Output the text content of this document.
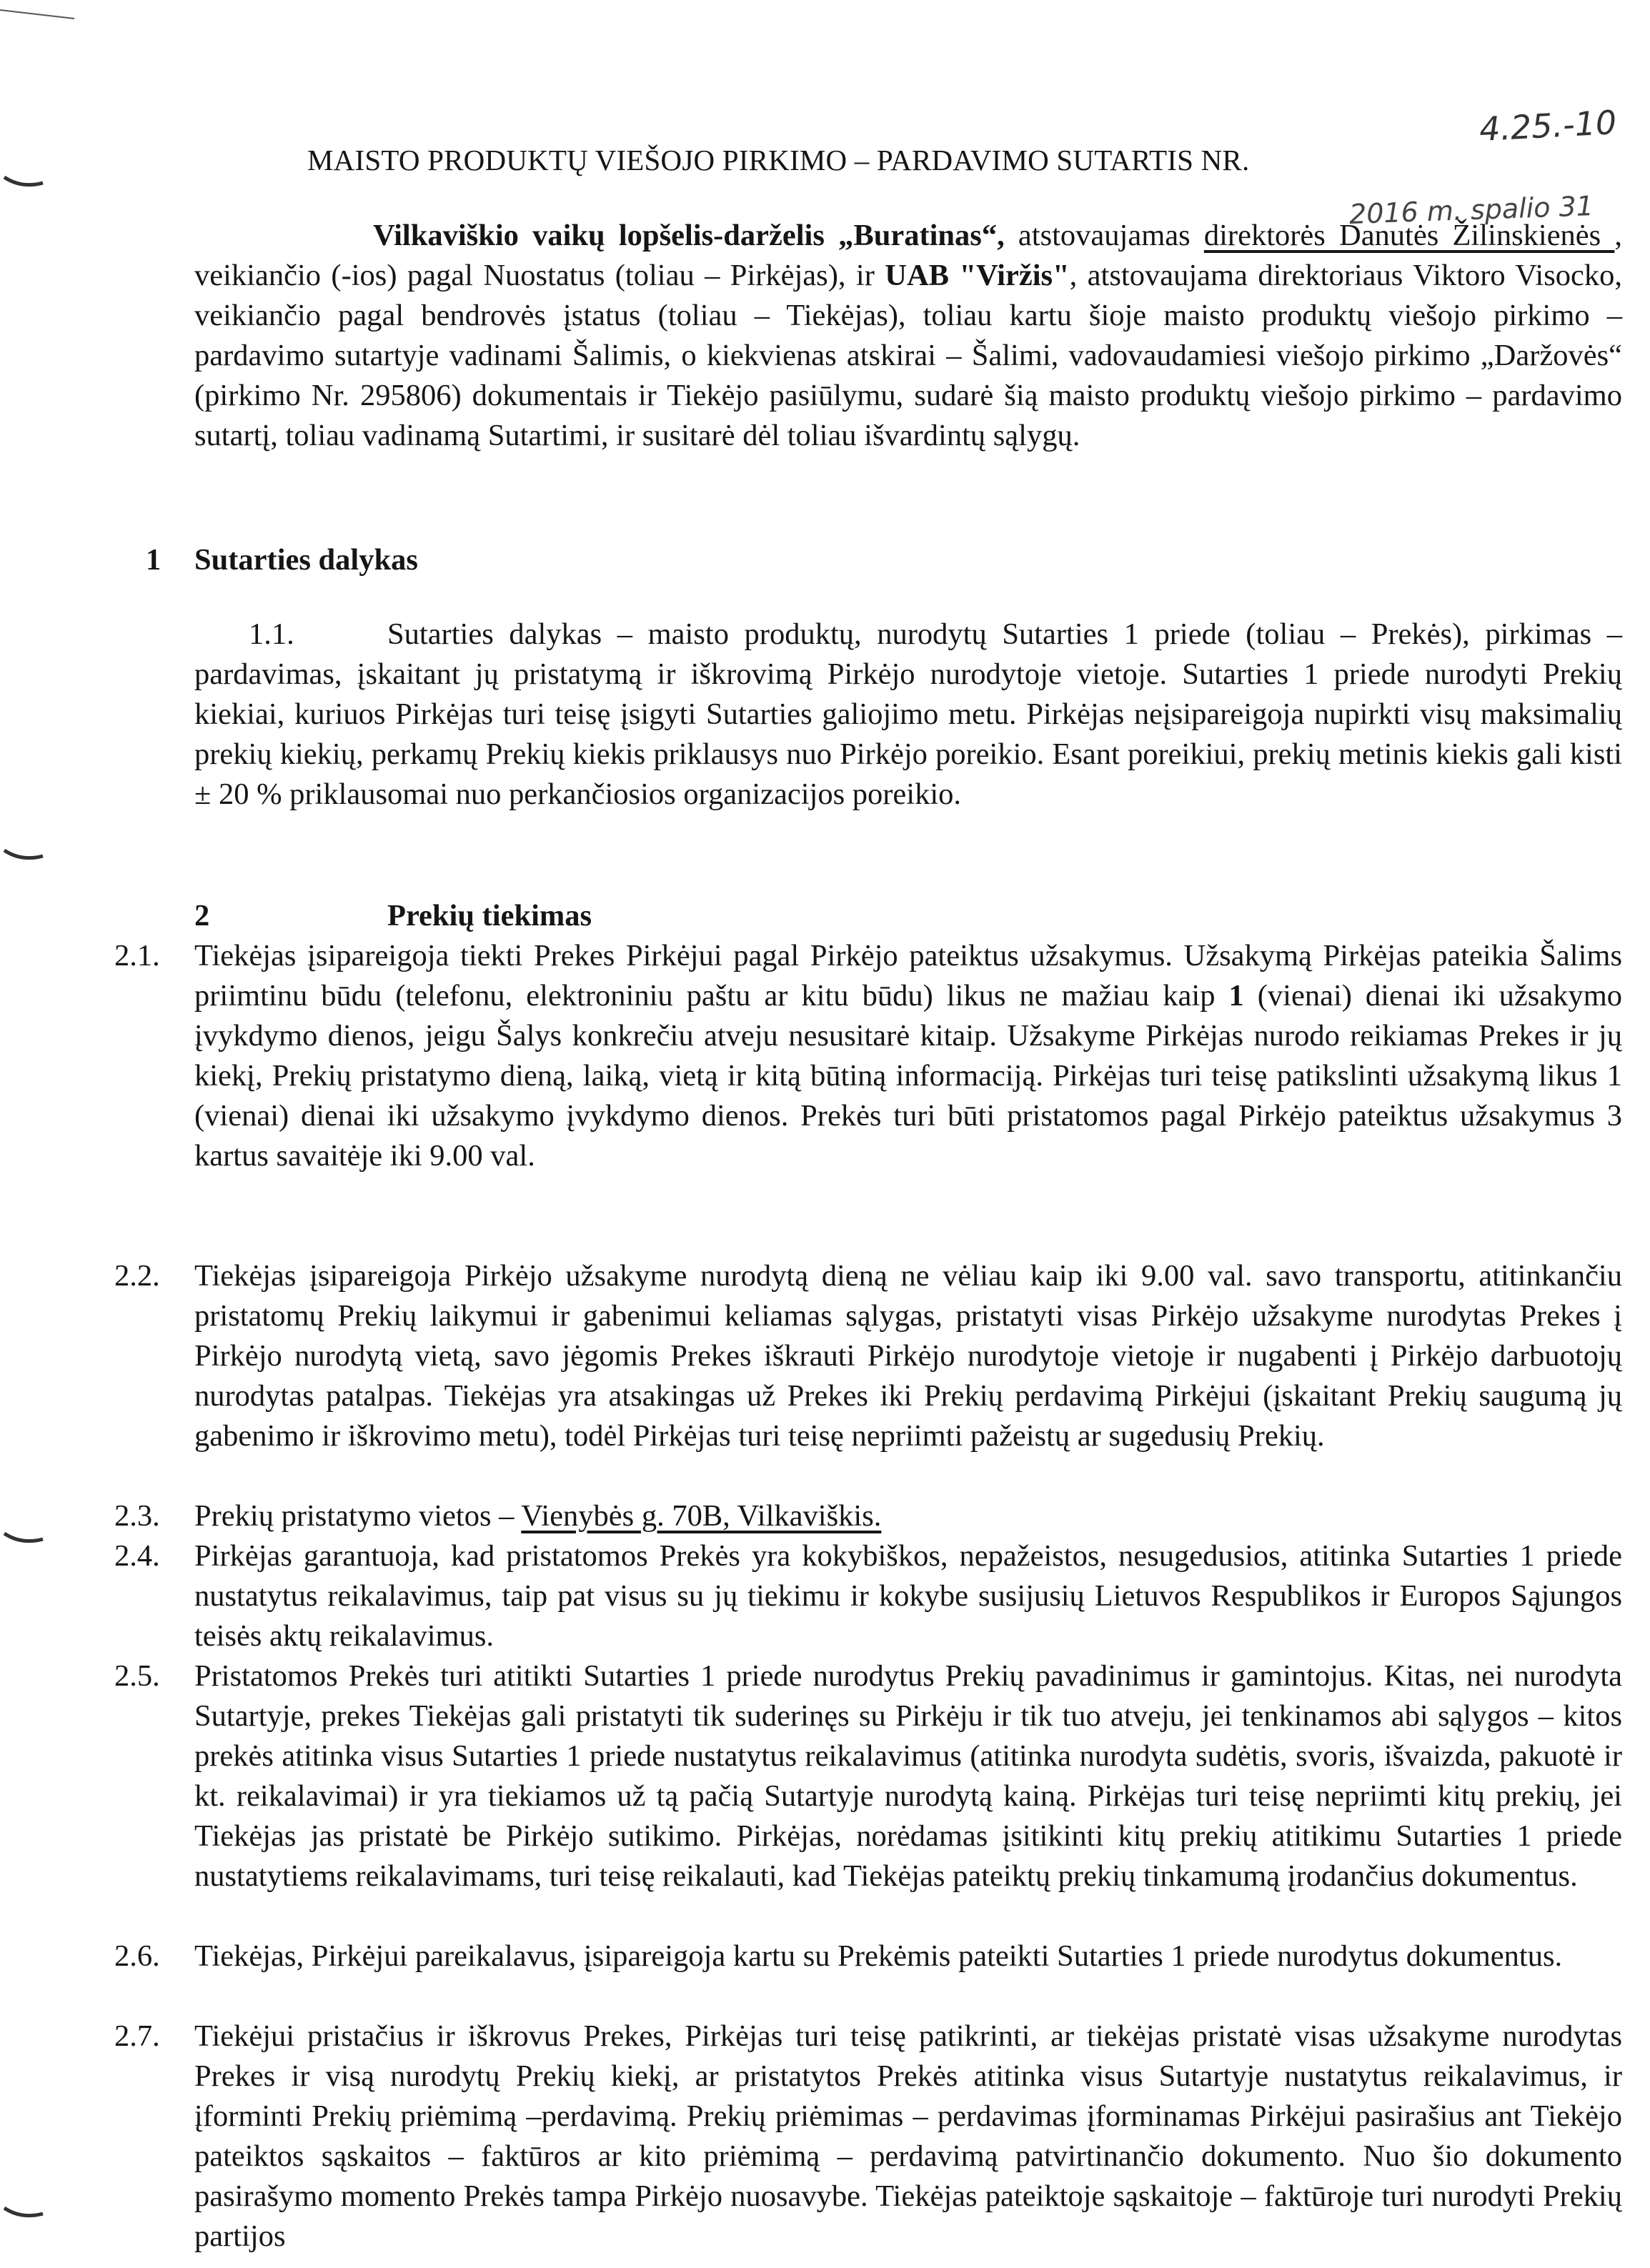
MAISTO PRODUKTŲ VIEŠOJO PIRKIMO – PARDAVIMO SUTARTIS NR.
4.25.-10
2016 m. spalio 31
Vilkaviškio vaikų lopšelis-darželis „Buratinas“, atstovaujamas direktorės Danutės Žilinskienės , veikiančio (-ios) pagal Nuostatus (toliau – Pirkėjas), ir UAB "Viržis", atstovaujama direktoriaus Viktoro Visocko, veikiančio pagal bendrovės įstatus (toliau – Tiekėjas), toliau kartu šioje maisto produktų viešojo pirkimo – pardavimo sutartyje vadinami Šalimis, o kiekvienas atskirai – Šalimi, vadovaudamiesi viešojo pirkimo „Daržovės“ (pirkimo Nr. 295806) dokumentais ir Tiekėjo pasiūlymu, sudarė šią maisto produktų viešojo pirkimo – pardavimo sutartį, toliau vadinamą Sutartimi, ir susitarė dėl toliau išvardintų sąlygų.
1 Sutarties dalykas
1.1.	Sutarties dalykas – maisto produktų, nurodytų Sutarties 1 priede (toliau – Prekės), pirkimas – pardavimas, įskaitant jų pristatymą ir iškrovimą Pirkėjo nurodytoje vietoje. Sutarties 1 priede nurodyti Prekių kiekiai, kuriuos Pirkėjas turi teisę įsigyti Sutarties galiojimo metu. Pirkėjas neįsipareigoja nupirkti visų maksimalių prekių kiekių, perkamų Prekių kiekis priklausys nuo Pirkėjo poreikio. Esant poreikiui, prekių metinis kiekis gali kisti ± 20 % priklausomai nuo perkančiosios organizacijos poreikio.
2	Prekių tiekimas
2.1.	Tiekėjas įsipareigoja tiekti Prekes Pirkėjui pagal Pirkėjo pateiktus užsakymus. Užsakymą Pirkėjas pateikia Šalims priimtinu būdu (telefonu, elektroniniu paštu ar kitu būdu) likus ne mažiau kaip 1 (vienai) dienai iki užsakymo įvykdymo dienos, jeigu Šalys konkrečiu atveju nesusitarė kitaip. Užsakyme Pirkėjas nurodo reikiamas Prekes ir jų kiekį, Prekių pristatymo dieną, laiką, vietą ir kitą būtiną informaciją. Pirkėjas turi teisę patikslinti užsakymą likus 1 (vienai) dienai iki užsakymo įvykdymo dienos. Prekės turi būti pristatomos pagal Pirkėjo pateiktus užsakymus 3 kartus savaitėje iki 9.00 val.
2.2.	Tiekėjas įsipareigoja Pirkėjo užsakyme nurodytą dieną ne vėliau kaip iki 9.00 val. savo transportu, atitinkančiu pristatomų Prekių laikymui ir gabenimui keliamas sąlygas, pristatyti visas Pirkėjo užsakyme nurodytas Prekes į Pirkėjo nurodytą vietą, savo jėgomis Prekes iškrauti Pirkėjo nurodytoje vietoje ir nugabenti į Pirkėjo darbuotojų nurodytas patalpas. Tiekėjas yra atsakingas už Prekes iki Prekių perdavimą Pirkėjui (įskaitant Prekių saugumą jų gabenimo ir iškrovimo metu), todėl Pirkėjas turi teisę nepriimti pažeistų ar sugedusių Prekių.
2.3.	Prekių pristatymo vietos – Vienybės g. 70B, Vilkaviškis.
2.4.	Pirkėjas garantuoja, kad pristatomos Prekės yra kokybiškos, nepažeistos, nesugedusios, atitinka Sutarties 1 priede nustatytus reikalavimus, taip pat visus su jų tiekimu ir kokybe susijusių Lietuvos Respublikos ir Europos Sąjungos teisės aktų reikalavimus.
2.5.	Pristatomos Prekės turi atitikti Sutarties 1 priede nurodytus Prekių pavadinimus ir gamintojus. Kitas, nei nurodyta Sutartyje, prekes Tiekėjas gali pristatyti tik suderinęs su Pirkėju ir tik tuo atveju, jei tenkinamos abi sąlygos – kitos prekės atitinka visus Sutarties 1 priede nustatytus reikalavimus (atitinka nurodyta sudėtis, svoris, išvaizda, pakuotė ir kt. reikalavimai) ir yra tiekiamos už tą pačią Sutartyje nurodytą kainą. Pirkėjas turi teisę nepriimti kitų prekių, jei Tiekėjas jas pristatė be Pirkėjo sutikimo. Pirkėjas, norėdamas įsitikinti kitų prekių atitikimu Sutarties 1 priede nustatytiems reikalavimams, turi teisę reikalauti, kad Tiekėjas pateiktų prekių tinkamumą įrodančius dokumentus.
2.6.	Tiekėjas, Pirkėjui pareikalavus, įsipareigoja kartu su Prekėmis pateikti Sutarties 1 priede nurodytus dokumentus.
2.7.	Tiekėjui pristačius ir iškrovus Prekes, Pirkėjas turi teisę patikrinti, ar tiekėjas pristatė visas užsakyme nurodytas Prekes ir visą nurodytų Prekių kiekį, ar pristatytos Prekės atitinka visus Sutartyje nustatytus reikalavimus, ir įforminti Prekių priėmimą –perdavimą. Prekių priėmimas – perdavimas įforminamas Pirkėjui pasirašius ant Tiekėjo pateiktos sąskaitos – faktūros ar kito priėmimą – perdavimą patvirtinančio dokumento. Nuo šio dokumento pasirašymo momento Prekės tampa Pirkėjo nuosavybe. Tiekėjas pateiktoje sąskaitoje – faktūroje turi nurodyti Prekių partijos
